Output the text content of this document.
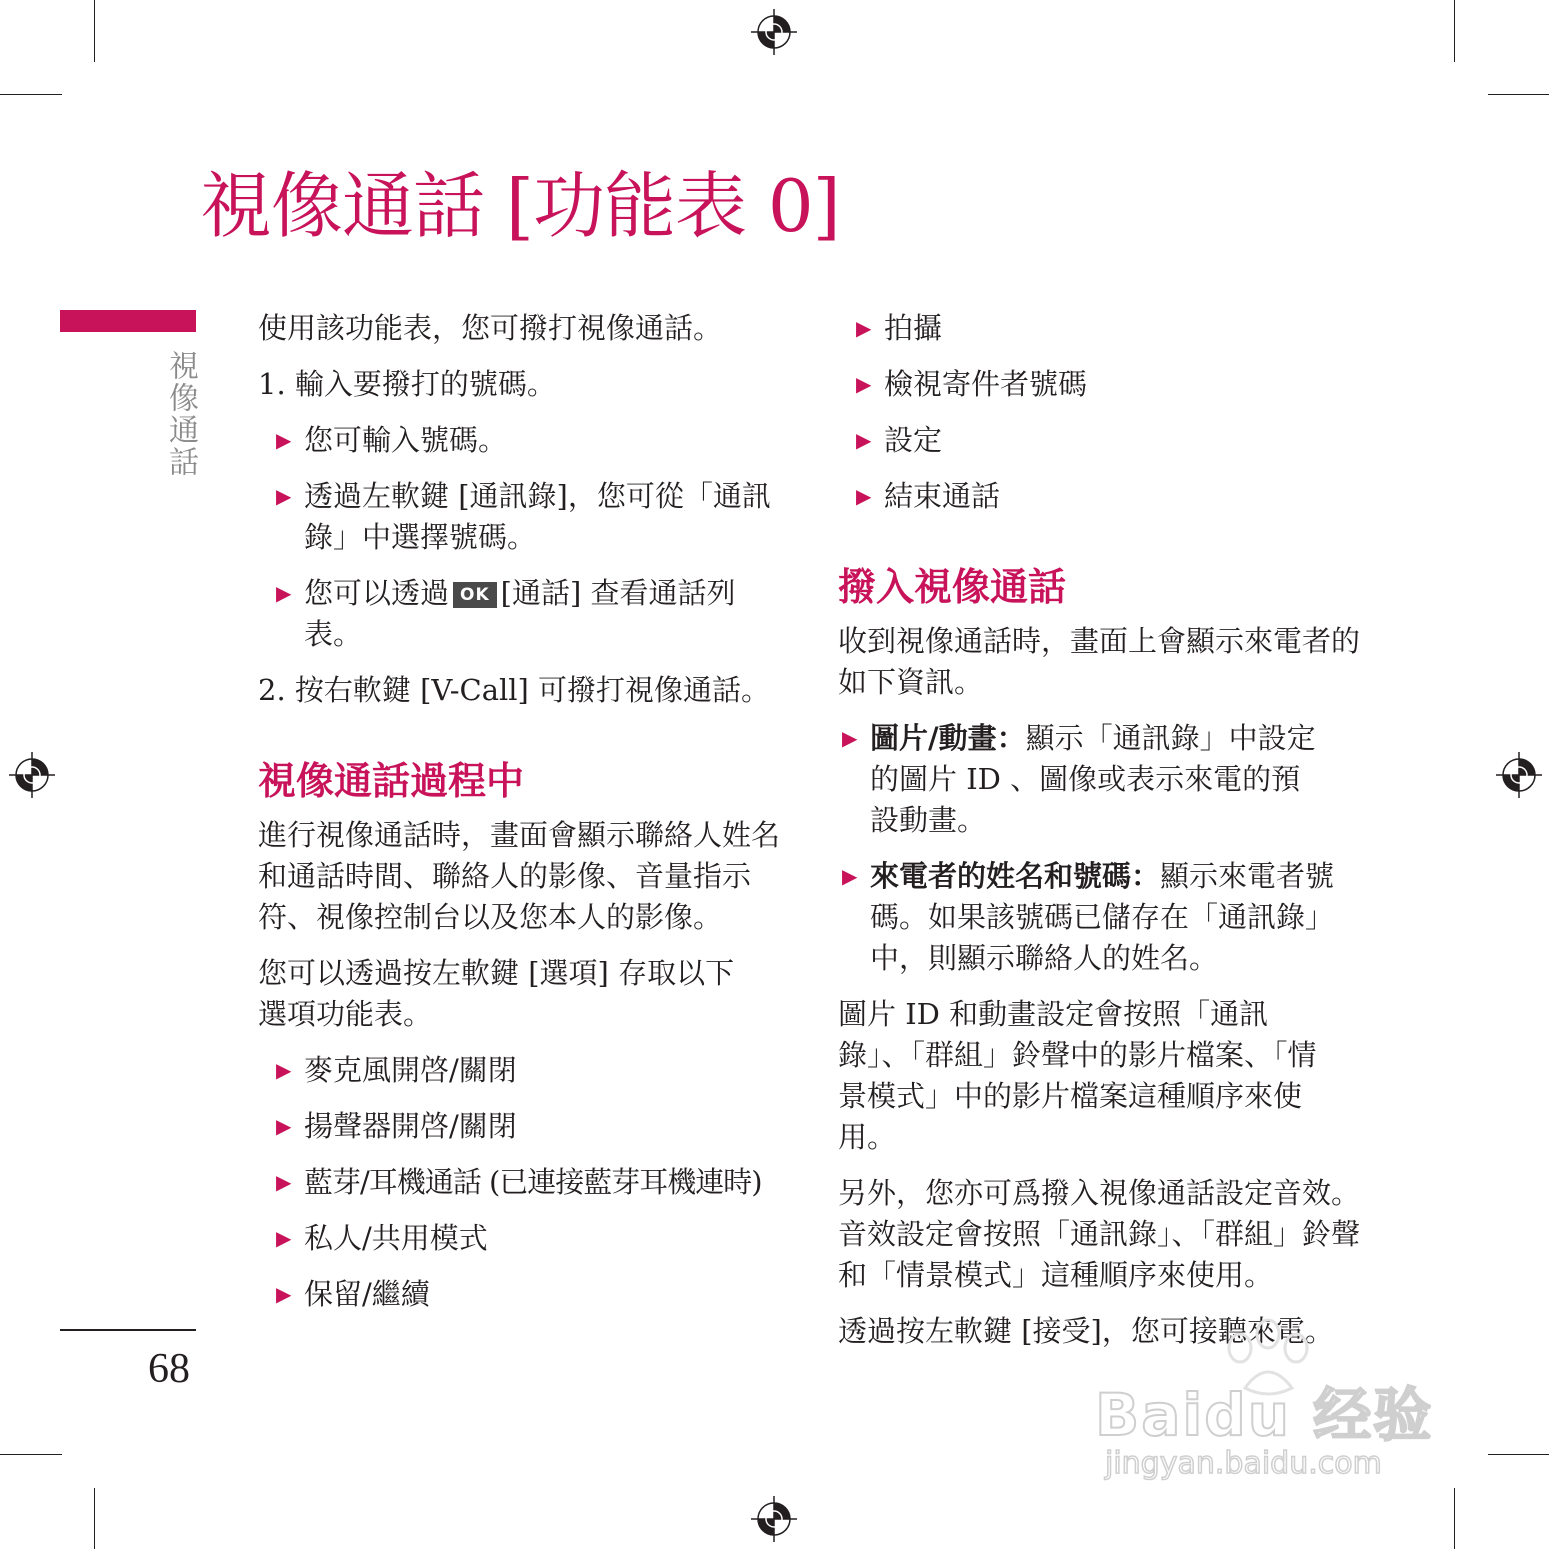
視像通話 [功能表 0]
視像通話

使用該功能表，您可撥打視像通話。

1. 輸入要撥打的號碼。

▶ 您可輸入號碼。
▶ 透過左軟鍵 [通訊錄]，您可從「通訊錄」中選擇號碼。
▶ 您可以透過 OK [通話] 查看通話列表。

2. 按右軟鍵 [V-Call] 可撥打視像通話。

視像通話過程中

進行視像通話時，畫面會顯示聯絡人姓名和通話時間、聯絡人的影像、音量指示符、視像控制台以及您本人的影像。

您可以透過按左軟鍵 [選項] 存取以下選項功能表。

▶ 麥克風開啓/關閉
▶ 揚聲器開啓/關閉
▶ 藍芽/耳機通話 (已連接藍芽耳機連時)
▶ 私人/共用模式
▶ 保留/繼續
▶ 拍攝
▶ 檢視寄件者號碼
▶ 設定
▶ 結束通話
撥入視像通話

收到視像通話時，畫面上會顯示來電者的如下資訊。

▶ 圖片/動畫：顯示「通訊錄」中設定的圖片 ID 、圖像或表示來電的預設動畫。
▶ 來電者的姓名和號碼：顯示來電者號碼。如果該號碼已儲存在「通訊錄」中，則顯示聯絡人的姓名。

圖片 ID 和動畫設定會按照「通訊錄」、「群組」鈴聲中的影片檔案、「情景模式」中的影片檔案這種順序來使用。

另外，您亦可爲撥入視像通話設定音效。音效設定會按照「通訊錄」、「群組」鈴聲和「情景模式」這種順序來使用。

透過按左軟鍵 [接受]，您可接聽來電。

68
Baidu 经验
jingyan.baidu.com
